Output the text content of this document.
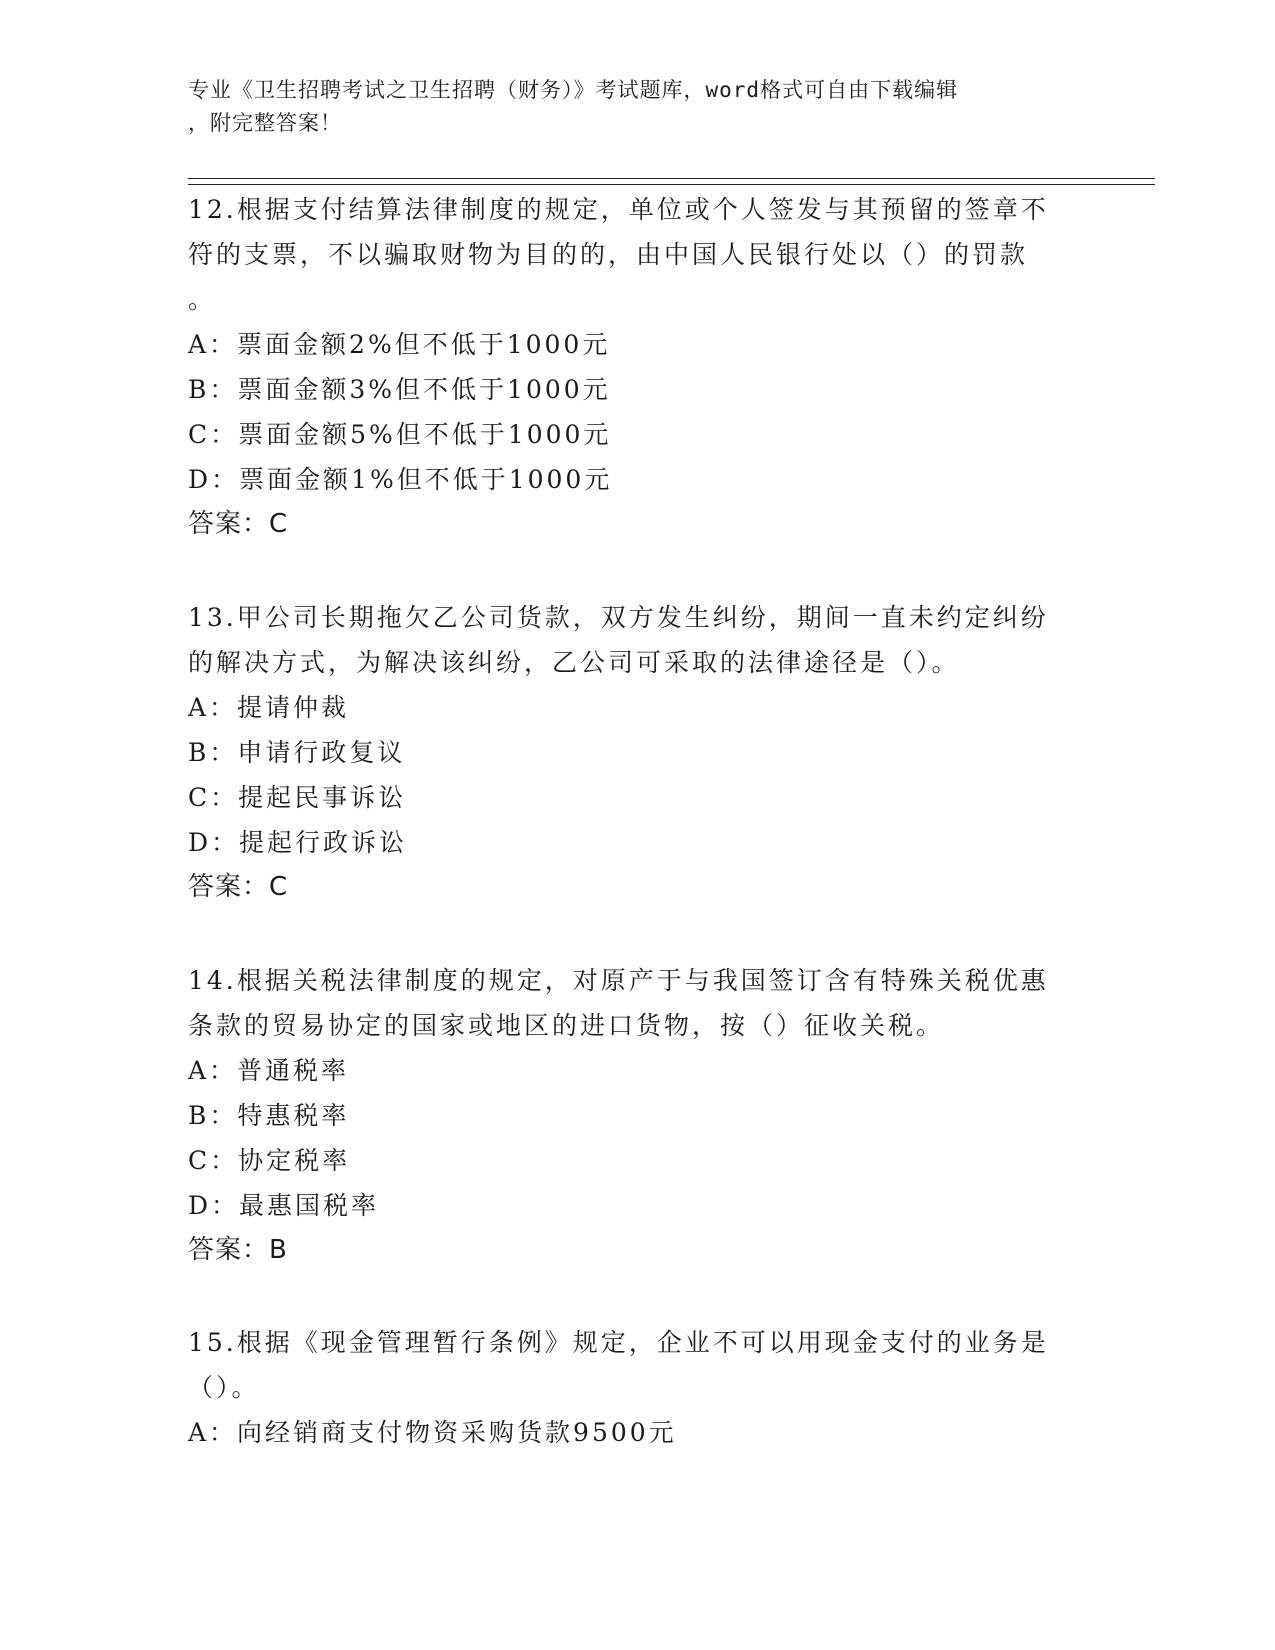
专业《卫生招聘考试之卫生招聘（财务）》考试题库，word格式可自由下载编辑
，附完整答案！
12.根据支付结算法律制度的规定，单位或个人签发与其预留的签章不
符的支票，不以骗取财物为目的的，由中国人民银行处以（）的罚款
。
A：票面金额2%但不低于1000元
B：票面金额3%但不低于1000元
C：票面金额5%但不低于1000元
D：票面金额1%但不低于1000元
答案：C
13.甲公司长期拖欠乙公司货款，双方发生纠纷，期间一直未约定纠纷
的解决方式，为解决该纠纷，乙公司可采取的法律途径是（）。
A：提请仲裁
B：申请行政复议
C：提起民事诉讼
D：提起行政诉讼
答案：C
14.根据关税法律制度的规定，对原产于与我国签订含有特殊关税优惠
条款的贸易协定的国家或地区的进口货物，按（）征收关税。
A：普通税率
B：特惠税率
C：协定税率
D：最惠国税率
答案：B
15.根据《现金管理暂行条例》规定，企业不可以用现金支付的业务是
（）。
A：向经销商支付物资采购货款9500元
